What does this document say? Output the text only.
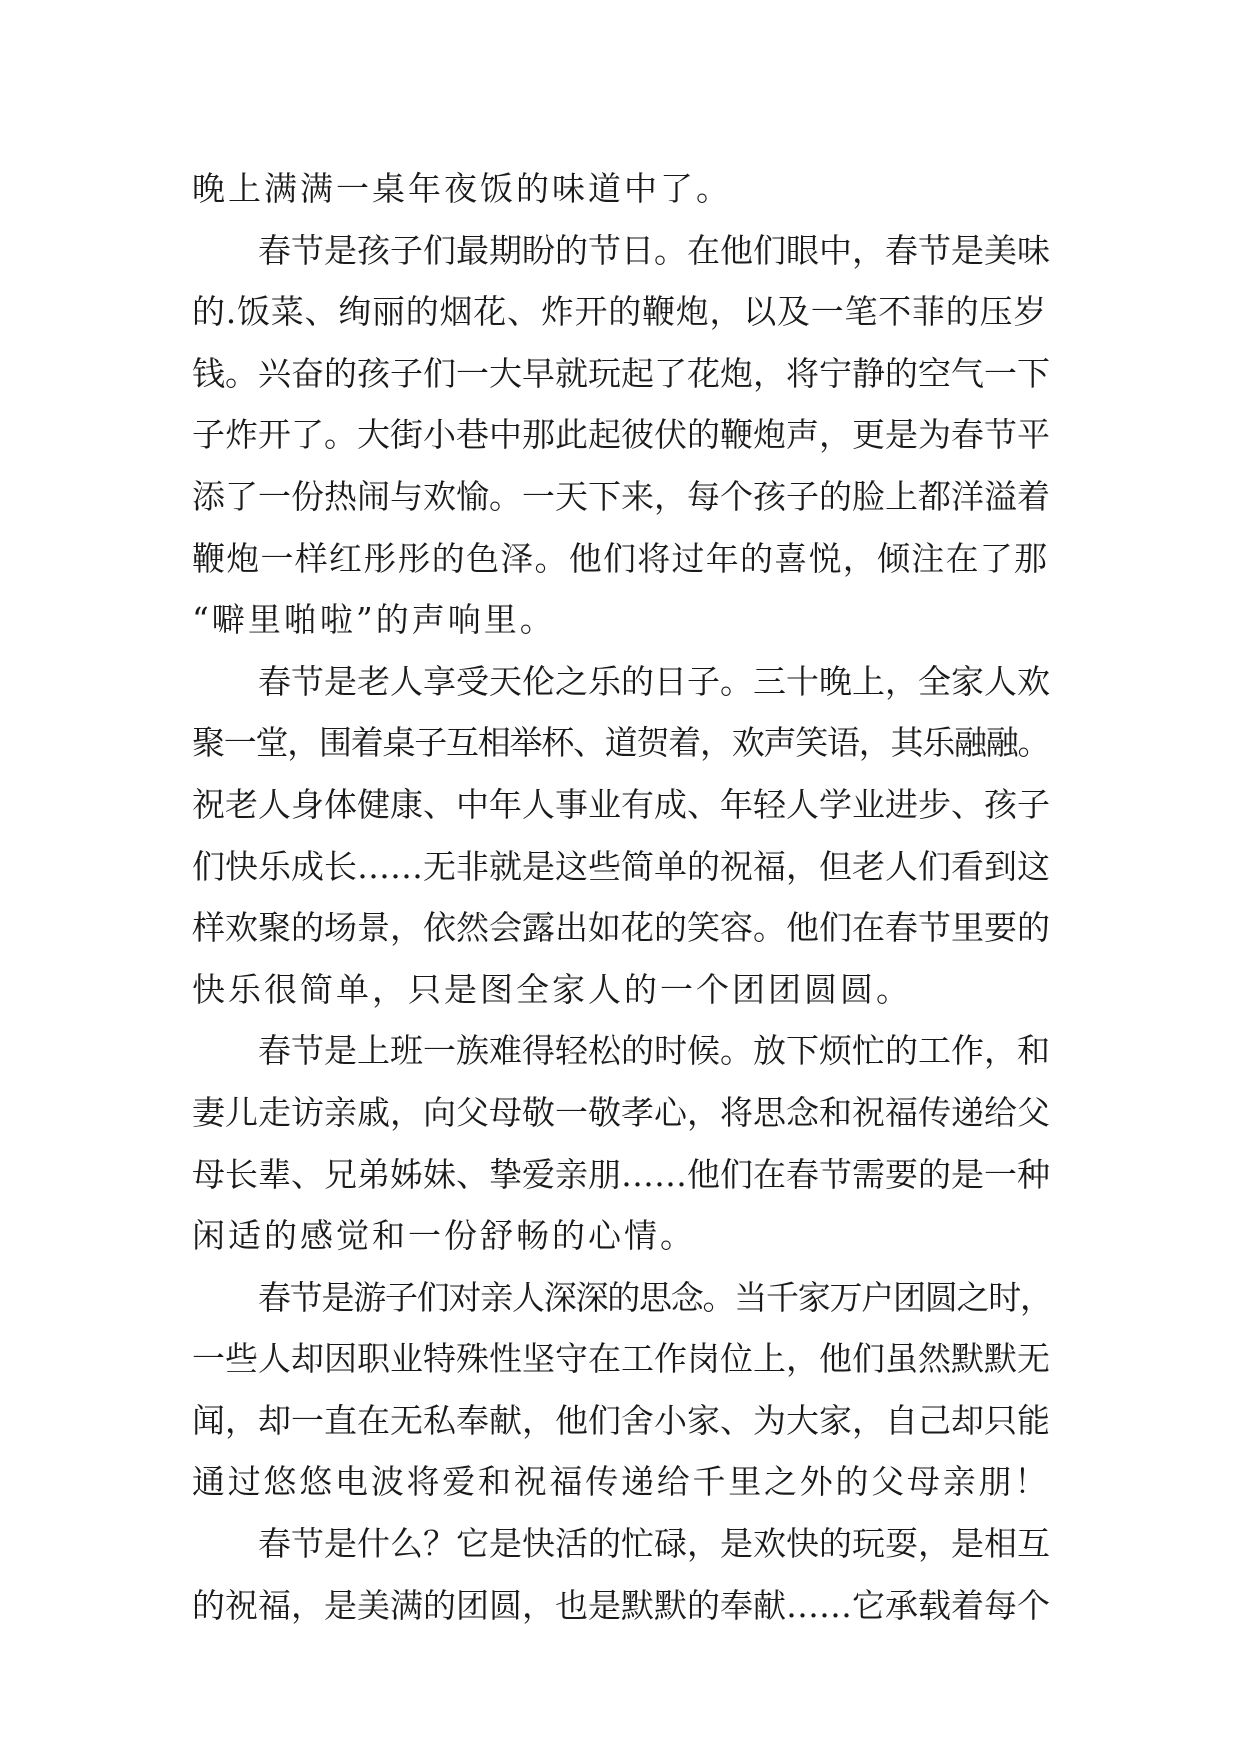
晚上满满一桌年夜饭的味道中了。
春节是孩子们最期盼的节日。在他们眼中，春节是美味
的.饭菜、绚丽的烟花、炸开的鞭炮，以及一笔不菲的压岁
钱。兴奋的孩子们一大早就玩起了花炮，将宁静的空气一下
子炸开了。大街小巷中那此起彼伏的鞭炮声，更是为春节平
添了一份热闹与欢愉。一天下来，每个孩子的脸上都洋溢着
鞭炮一样红彤彤的色泽。他们将过年的喜悦，倾注在了那
“噼里啪啦”的声响里。
春节是老人享受天伦之乐的日子。三十晚上，全家人欢
聚一堂，围着桌子互相举杯、道贺着，欢声笑语，其乐融融。
祝老人身体健康、中年人事业有成、年轻人学业进步、孩子
们快乐成长……无非就是这些简单的祝福，但老人们看到这
样欢聚的场景，依然会露出如花的笑容。他们在春节里要的
快乐很简单，只是图全家人的一个团团圆圆。
春节是上班一族难得轻松的时候。放下烦忙的工作，和
妻儿走访亲戚，向父母敬一敬孝心，将思念和祝福传递给父
母长辈、兄弟姊妹、挚爱亲朋……他们在春节需要的是一种
闲适的感觉和一份舒畅的心情。
春节是游子们对亲人深深的思念。当千家万户团圆之时，
一些人却因职业特殊性坚守在工作岗位上，他们虽然默默无
闻，却一直在无私奉献，他们舍小家、为大家，自己却只能
通过悠悠电波将爱和祝福传递给千里之外的父母亲朋！
春节是什么？它是快活的忙碌，是欢快的玩耍，是相互
的祝福，是美满的团圆，也是默默的奉献……它承载着每个
